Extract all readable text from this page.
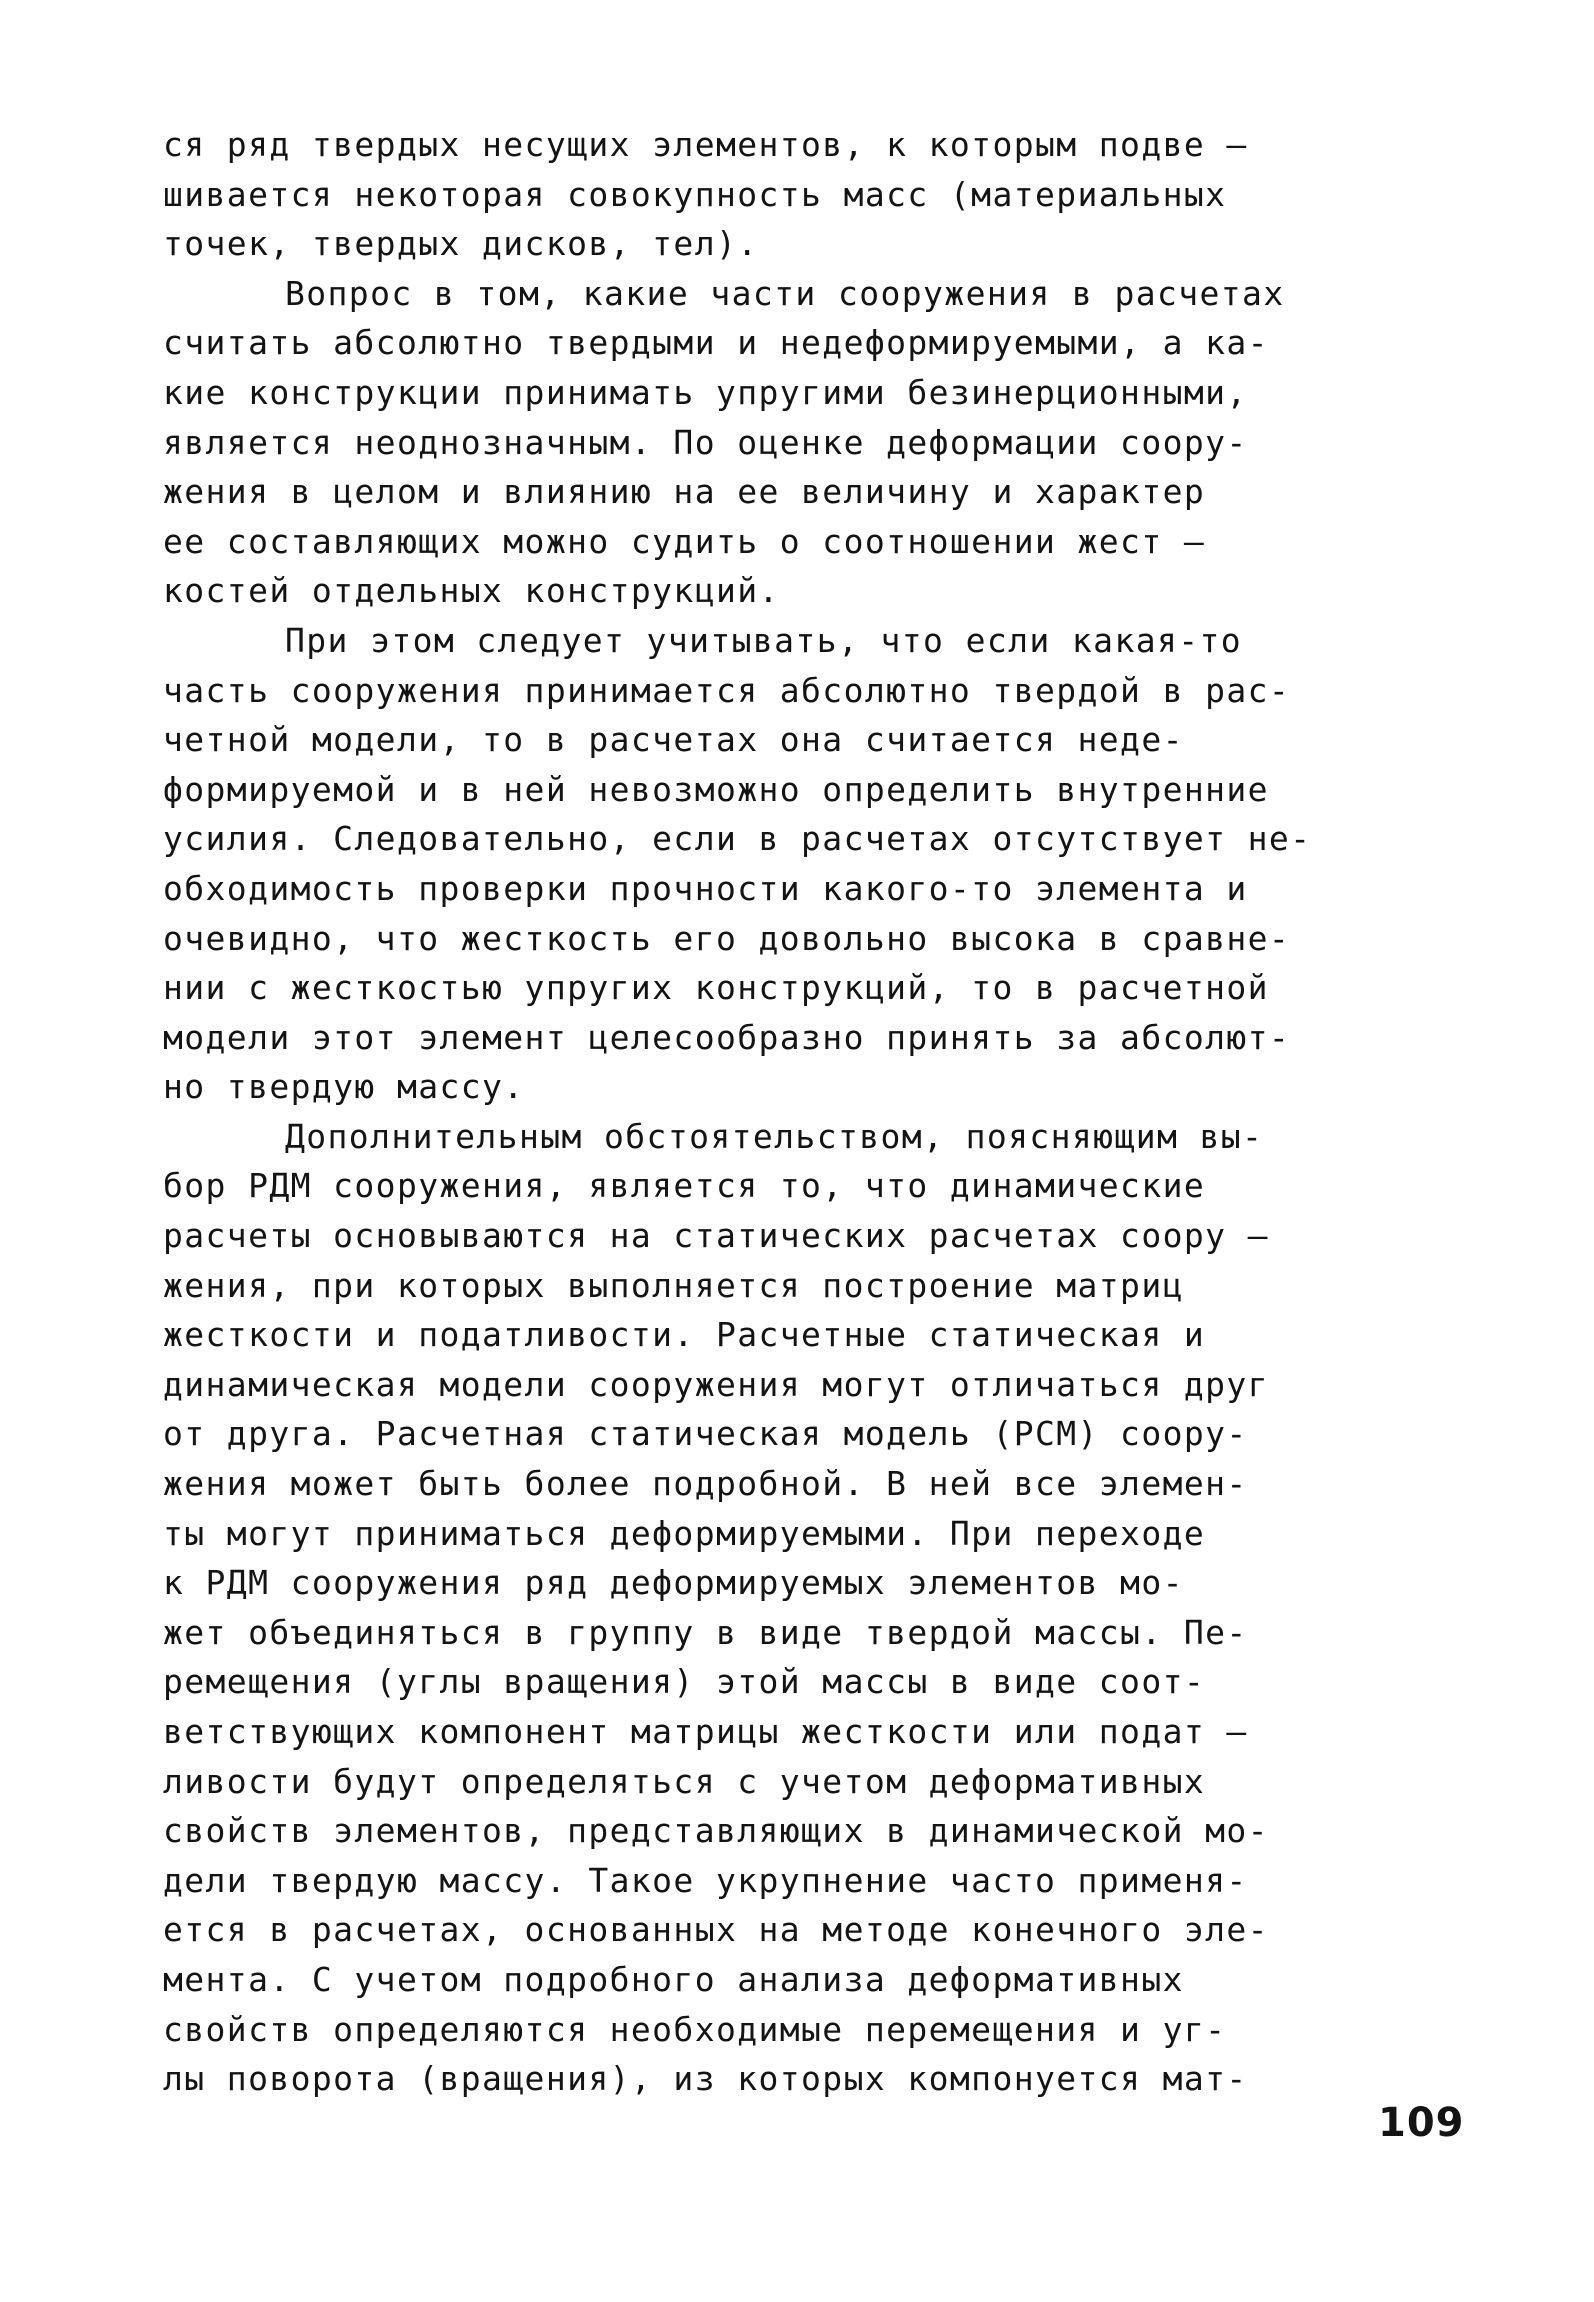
ся ряд твердых несущих элементов, к которым подве –
шивается некоторая совокупность масс (материальных
точек, твердых дисков, тел).
Вопрос в том, какие части сооружения в расчетах
считать абсолютно твердыми и недеформируемыми, а ка-
кие конструкции принимать упругими безинерционными,
является неоднозначным. По оценке деформации соору-
жения в целом и влиянию на ее величину и характер
ее составляющих можно судить о соотношении жест –
костей отдельных конструкций.
При этом следует учитывать, что если какая-то
часть сооружения принимается абсолютно твердой в рас-
четной модели, то в расчетах она считается неде-
формируемой и в ней невозможно определить внутренние
усилия. Следовательно, если в расчетах отсутствует не-
обходимость проверки прочности какого-то элемента и
очевидно, что жесткость его довольно высока в сравне-
нии с жесткостью упругих конструкций, то в расчетной
модели этот элемент целесообразно принять за абсолют-
но твердую массу.
Дополнительным обстоятельством, поясняющим вы-
бор РДМ сооружения, является то, что динамические
расчеты основываются на статических расчетах соору –
жения, при которых выполняется построение матриц
жесткости и податливости. Расчетные статическая и
динамическая модели сооружения могут отличаться друг
от друга. Расчетная статическая модель (РСМ) соору-
жения может быть более подробной. В ней все элемен-
ты могут приниматься деформируемыми. При переходе
к РДМ сооружения ряд деформируемых элементов мо-
жет объединяться в группу в виде твердой массы. Пе-
ремещения (углы вращения) этой массы в виде соот-
ветствующих компонент матрицы жесткости или подат –
ливости будут определяться с учетом деформативных
свойств элементов, представляющих в динамической мо-
дели твердую массу. Такое укрупнение часто применя-
ется в расчетах, основанных на методе конечного эле-
мента. С учетом подробного анализа деформативных
свойств определяются необходимые перемещения и уг-
лы поворота (вращения), из которых компонуется мат-
109
